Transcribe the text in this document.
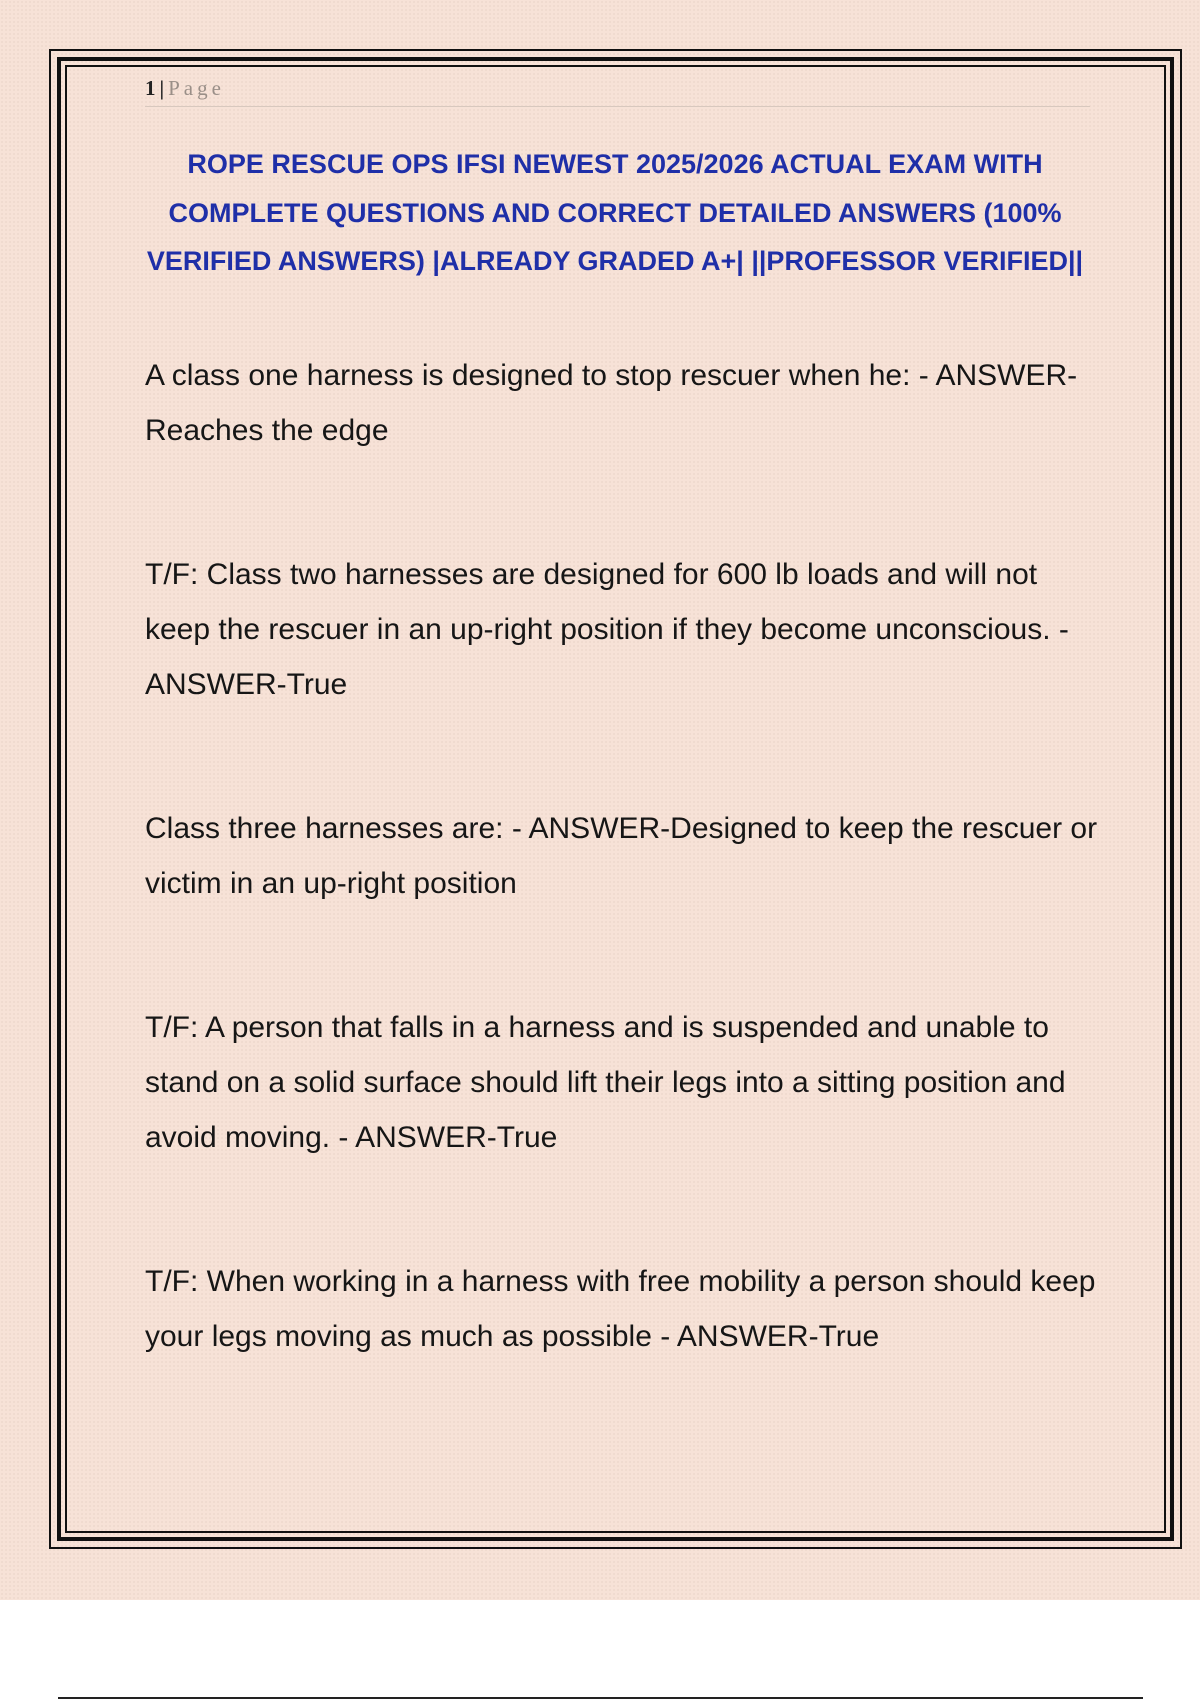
1 | Page
ROPE RESCUE OPS IFSI NEWEST 2025/2026 ACTUAL EXAM WITH COMPLETE QUESTIONS AND CORRECT DETAILED ANSWERS (100% VERIFIED ANSWERS) |ALREADY GRADED A+| ||PROFESSOR VERIFIED||

A class one harness is designed to stop rescuer when he: - ANSWER-Reaches the edge

T/F: Class two harnesses are designed for 600 lb loads and will not keep the rescuer in an up-right position if they become unconscious. - ANSWER-True

Class three harnesses are: - ANSWER-Designed to keep the rescuer or victim in an up-right position

T/F: A person that falls in a harness and is suspended and unable to stand on a solid surface should lift their legs into a sitting position and avoid moving. - ANSWER-True

T/F: When working in a harness with free mobility a person should keep your legs moving as much as possible - ANSWER-True
